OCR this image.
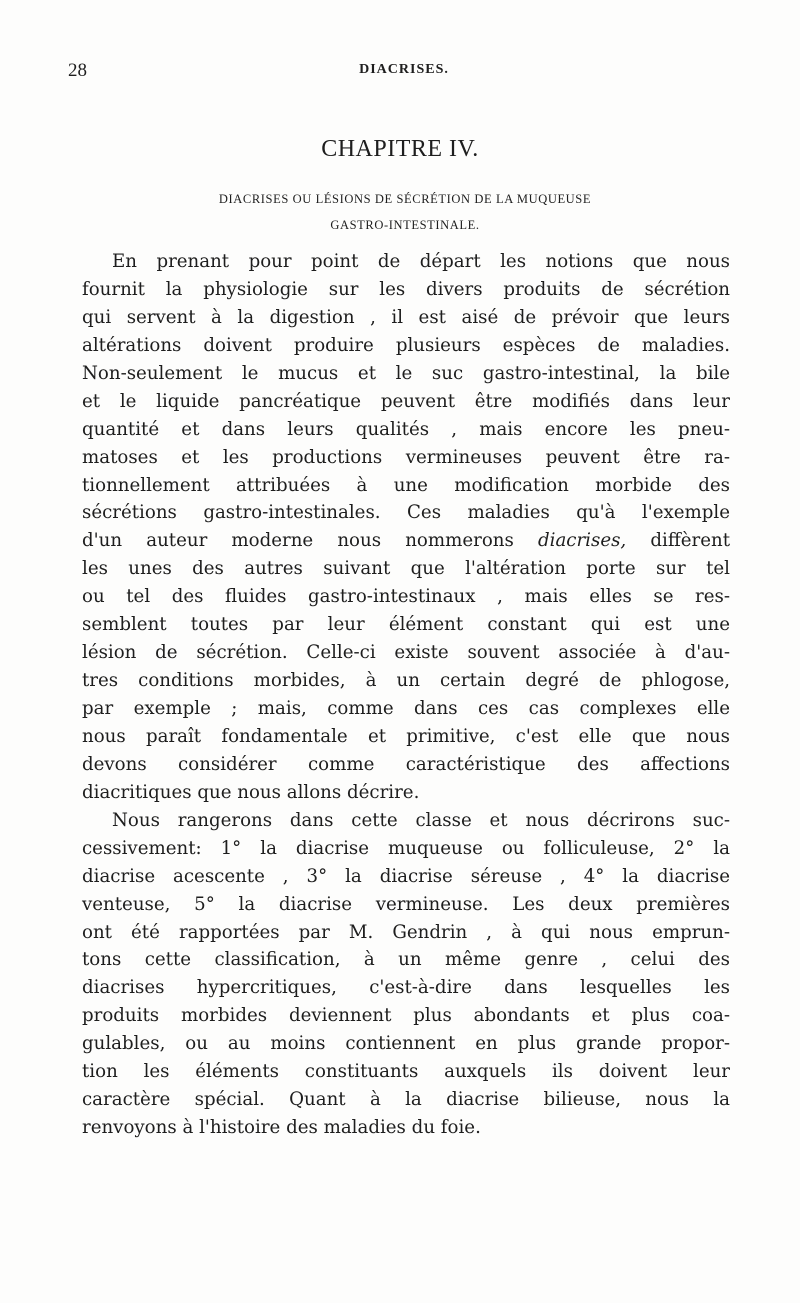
28	DIACRISES.
CHAPITRE IV.
DIACRISES OU LÉSIONS DE SÉCRÉTION DE LA MUQUEUSE
GASTRO-INTESTINALE.
En prenant pour point de départ les notions que nous
fournit la physiologie sur les divers produits de sécrétion
qui servent à la digestion , il est aisé de prévoir que leurs
altérations doivent produire plusieurs espèces de maladies.
Non-seulement le mucus et le suc gastro-intestinal, la bile
et le liquide pancréatique peuvent être modifiés dans leur
quantité et dans leurs qualités , mais encore les pneu-
matoses et les productions vermineuses peuvent être ra-
tionnellement attribuées à une modification morbide des
sécrétions gastro-intestinales. Ces maladies qu'à l'exemple
d'un auteur moderne nous nommerons diacrises, diffèrent
les unes des autres suivant que l'altération porte sur tel
ou tel des fluides gastro-intestinaux , mais elles se res-
semblent toutes par leur élément constant qui est une
lésion de sécrétion. Celle-ci existe souvent associée à d'au-
tres conditions morbides, à un certain degré de phlogose,
par exemple ; mais, comme dans ces cas complexes elle
nous paraît fondamentale et primitive, c'est elle que nous
devons considérer comme caractéristique des affections
diacritiques que nous allons décrire.
Nous rangerons dans cette classe et nous décrirons suc-
cessivement: 1° la diacrise muqueuse ou folliculeuse, 2° la
diacrise acescente , 3° la diacrise séreuse , 4° la diacrise
venteuse, 5° la diacrise vermineuse. Les deux premières
ont été rapportées par M. Gendrin , à qui nous emprun-
tons cette classification, à un même genre , celui des
diacrises hypercritiques, c'est-à-dire dans lesquelles les
produits morbides deviennent plus abondants et plus coa-
gulables, ou au moins contiennent en plus grande propor-
tion les éléments constituants auxquels ils doivent leur
caractère spécial. Quant à la diacrise bilieuse, nous la
renvoyons à l'histoire des maladies du foie.
